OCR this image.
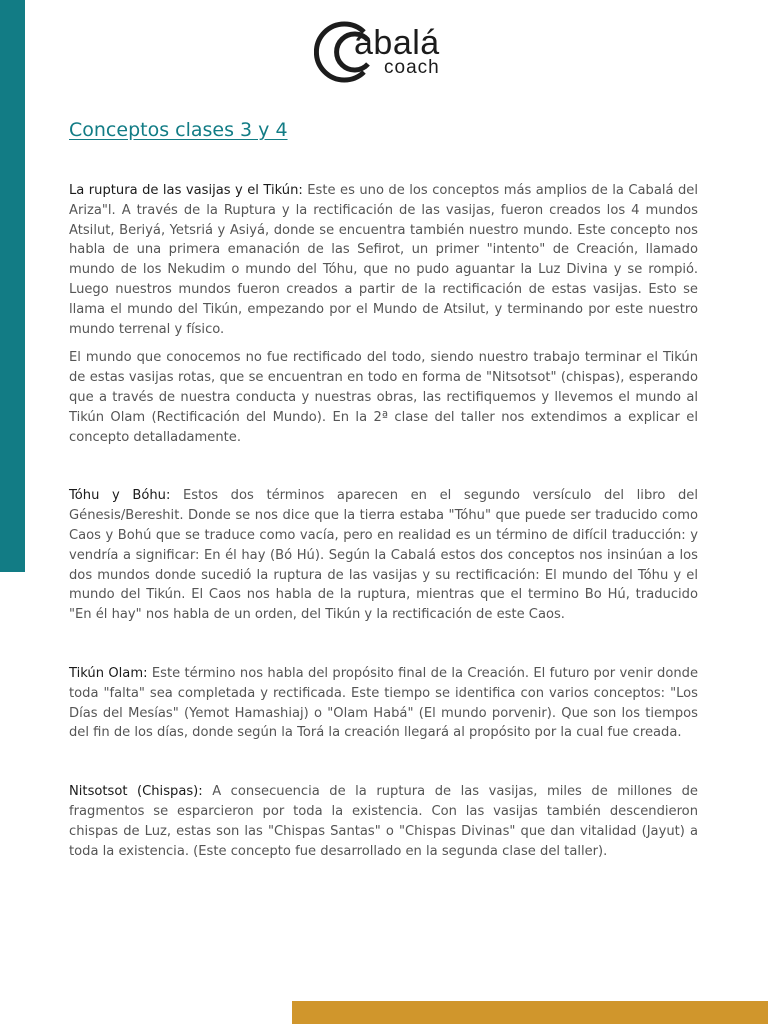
abalá
coach
Conceptos clases 3 y 4

La ruptura de las vasijas y el Tikún: Este es uno de los conceptos más amplios de la Cabalá del Ariza"l. A través de la Ruptura y la rectificación de las vasijas, fueron creados los 4 mundos Atsilut, Beriyá, Yetsriá y Asiyá, donde se encuentra también nuestro mundo. Este concepto nos habla de una primera emanación de las Sefirot, un primer "intento" de Creación, llamado mundo de los Nekudim o mundo del Tóhu, que no pudo aguantar la Luz Divina y se rompió. Luego nuestros mundos fueron creados a partir de la rectificación de estas vasijas. Esto se llama el mundo del Tikún, empezando por el Mundo de Atsilut, y terminando por este nuestro mundo terrenal y físico.

El mundo que conocemos no fue rectificado del todo, siendo nuestro trabajo terminar el Tikún de estas vasijas rotas, que se encuentran en todo en forma de "Nitsotsot" (chispas), esperando que a través de nuestra conducta y nuestras obras, las rectifiquemos y llevemos el mundo al Tikún Olam (Rectificación del Mundo). En la 2ª clase del taller nos extendimos a explicar el concepto detalladamente.

Tóhu y Bóhu: Estos dos términos aparecen en el segundo versículo del libro del Génesis/Bereshit. Donde se nos dice que la tierra estaba "Tóhu" que puede ser traducido como Caos y Bohú que se traduce como vacía, pero en realidad es un término de difícil traducción: y vendría a significar: En él hay (Bó Hú). Según la Cabalá estos dos conceptos nos insinúan a los dos mundos donde sucedió la ruptura de las vasijas y su rectificación: El mundo del Tóhu y el mundo del Tikún. El Caos nos habla de la ruptura, mientras que el termino Bo Hú, traducido "En él hay" nos habla de un orden, del Tikún y la rectificación de este Caos.

Tikún Olam: Este término nos habla del propósito final de la Creación. El futuro por venir donde toda "falta" sea completada y rectificada. Este tiempo se identifica con varios conceptos: "Los Días del Mesías" (Yemot Hamashiaj) o "Olam Habá" (El mundo porvenir). Que son los tiempos del fin de los días, donde según la Torá la creación llegará al propósito por la cual fue creada.

Nitsotsot (Chispas): A consecuencia de la ruptura de las vasijas, miles de millones de fragmentos se esparcieron por toda la existencia. Con las vasijas también descendieron chispas de Luz, estas son las "Chispas Santas" o "Chispas Divinas" que dan vitalidad (Jayut) a toda la existencia. (Este concepto fue desarrollado en la segunda clase del taller).
